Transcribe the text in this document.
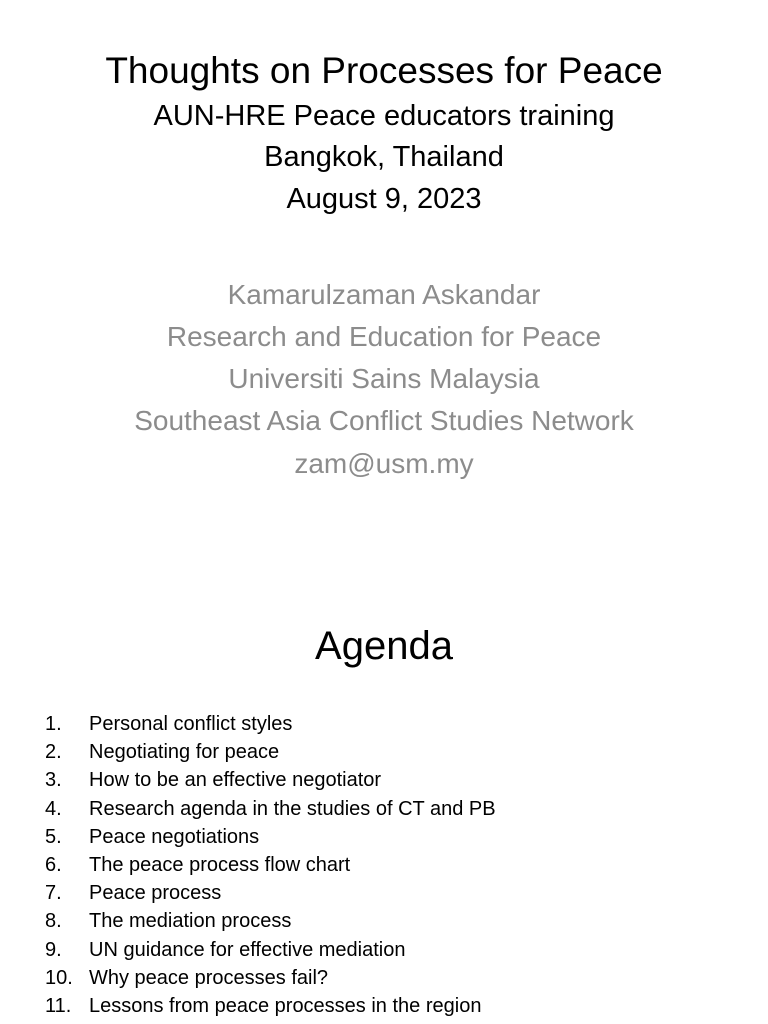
Thoughts on Processes for Peace
AUN-HRE Peace educators training
Bangkok, Thailand
August 9, 2023
Kamarulzaman Askandar
Research and Education for Peace
Universiti Sains Malaysia
Southeast Asia Conflict Studies Network
zam@usm.my
Agenda
1. Personal conflict styles
2. Negotiating for peace
3. How to be an effective negotiator
4. Research agenda in the studies of CT and PB
5. Peace negotiations
6. The peace process flow chart
7. Peace process
8. The mediation process
9. UN guidance for effective mediation
10. Why peace processes fail?
11. Lessons from peace processes in the region
